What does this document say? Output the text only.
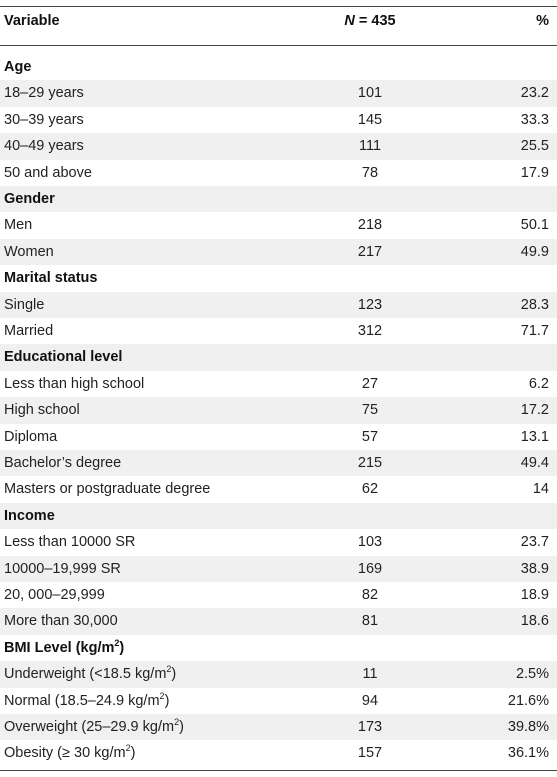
Variable	N = 435	%
Age
18–29 years	101	23.2
30–39 years	145	33.3
40–49 years	111	25.5
50 and above	78	17.9
Gender
Men	218	50.1
Women	217	49.9
Marital status
Single	123	28.3
Married	312	71.7
Educational level
Less than high school	27	6.2
High school	75	17.2
Diploma	57	13.1
Bachelor’s degree	215	49.4
Masters or postgraduate degree	62	14
Income
Less than 10000 SR	103	23.7
10000–19,999 SR	169	38.9
20, 000–29,999	82	18.9
More than 30,000	81	18.6
BMI Level $(kg/m^2)$
Underweight (<18.5 $kg/m^2$)	11	2.5%
Normal (18.5–24.9 $kg/m^2$)	94	21.6%
Overweight (25–29.9 $kg/m^2$)	173	39.8%
Obesity (≥ 30 $kg/m^2$)	157	36.1%
